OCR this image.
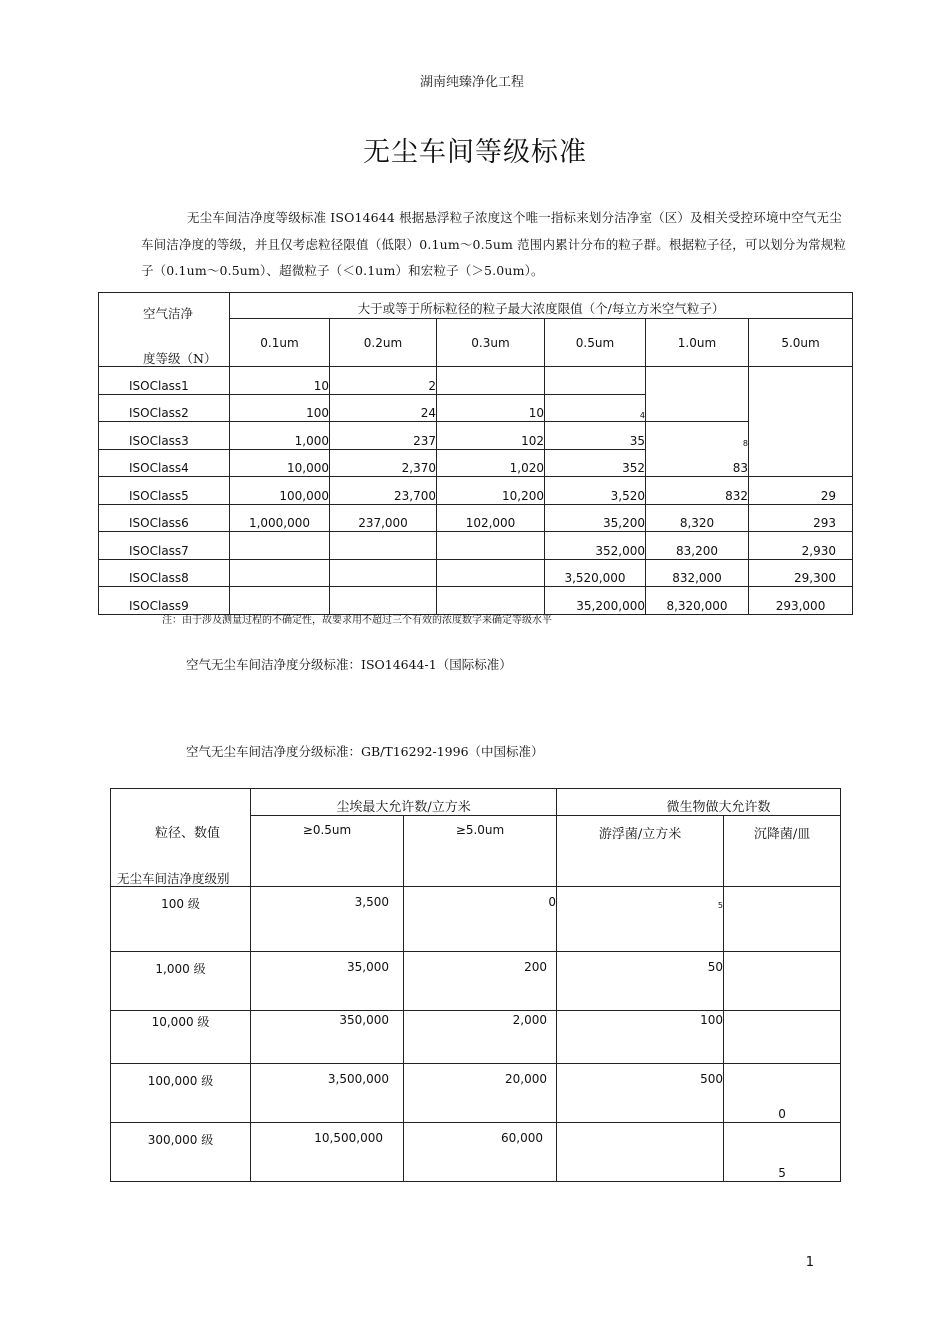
湖南纯臻净化工程
无尘车间等级标准
无尘车间洁净度等级标准 ISO14644 根据悬浮粒子浓度这个唯一指标来划分洁净室（区）及相关受控环境中空气无尘车间洁净度的等级，并且仅考虑粒径限值（低限）0.1um～0.5um 范围内累计分布的粒子群。根据粒子径，可以划分为常规粒子（0.1um～0.5um）、超微粒子（＜0.1um）和宏粒子（＞5.0um）。
空气洁净
度等级（N）	大于或等于所标粒径的粒子最大浓度限值（个/每立方米空气粒子）					
	0.1um	0.2um	0.3um	0.5um	1.0um	5.0um
ISOClass1	10	2				
ISOClass2	100	24	10	4		
ISOClass3	1,000	237	102	35	8	
ISOClass4	10,000	2,370	1,020	352	83	
ISOClass5	100,000	23,700	10,200	3,520	832	29
ISOClass6	1,000,000	237,000	102,000	35,200	8,320	293
ISOClass7				352,000	83,200	2,930
ISOClass8				3,520,000	832,000	29,300
ISOClass9				35,200,000	8,320,000	293,000
注：由于涉及测量过程的不确定性，故要求用不超过三个有效的浓度数字来确定等级水平
空气无尘车间洁净度分级标准：ISO14644-1（国际标准）
空气无尘车间洁净度分级标准：GB/T16292-1996（中国标准）
粒径、数值
无尘车间洁净度级别	尘埃最大允许数/立方米		微生物做大允许数	
	≥0.5um	≥5.0um	游浮菌/立方米	沉降菌/皿
100 级	3,500	0	5	
1,000 级	35,000	200	50	
10,000 级	350,000	2,000	100	
100,000 级	3,500,000	20,000	500	0
300,000 级	10,500,000	60,000		5
1
